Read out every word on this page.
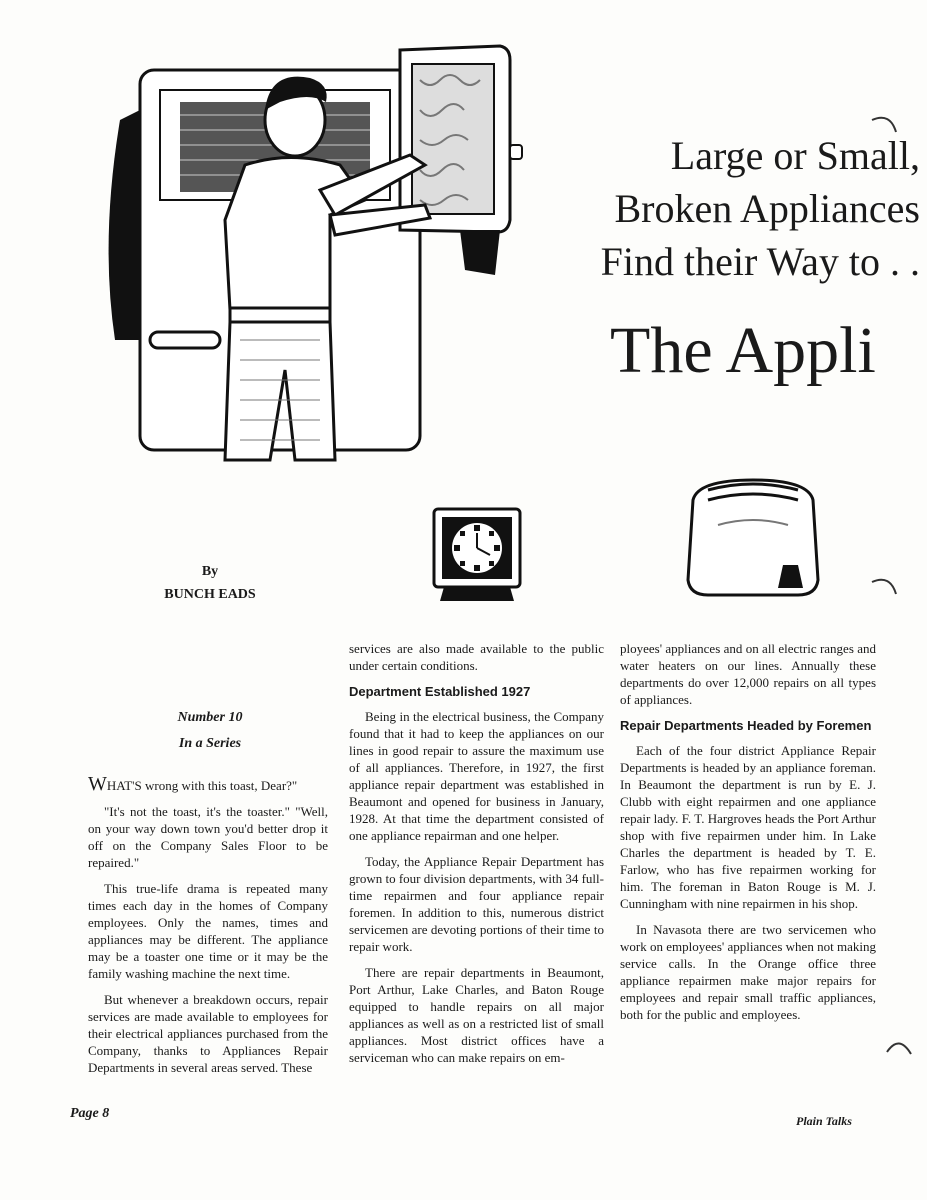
Large or Small,
Broken Appliances
Find their Way to . .
The Appli
By
BUNCH EADS
Number 10
In a Series

WHAT'S wrong with this toast, Dear?"

"It's not the toast, it's the toaster." "Well, on your way down town you'd better drop it off on the Company Sales Floor to be repaired."

This true-life drama is repeated many times each day in the homes of Company employees. Only the names, times and appliances may be different. The appliance may be a toaster one time or it may be the family washing machine the next time.

But whenever a breakdown occurs, repair services are made available to employees for their electrical appliances purchased from the Company, thanks to Appliances Repair Departments in several areas served. These

services are also made available to the public under certain conditions.

Department Established 1927

Being in the electrical business, the Company found that it had to keep the appliances on our lines in good repair to assure the maximum use of all appliances. Therefore, in 1927, the first appliance repair department was established in Beaumont and opened for business in January, 1928. At that time the department consisted of one appliance repairman and one helper.

Today, the Appliance Repair Department has grown to four division departments, with 34 full-time repairmen and four appliance repair foremen. In addition to this, numerous district servicemen are devoting portions of their time to repair work.

There are repair departments in Beaumont, Port Arthur, Lake Charles, and Baton Rouge equipped to handle repairs on all major appliances as well as on a restricted list of small appliances. Most district offices have a serviceman who can make repairs on em-

ployees' appliances and on all electric ranges and water heaters on our lines. Annually these departments do over 12,000 repairs on all types of appliances.

Repair Departments Headed by Foremen

Each of the four district Appliance Repair Departments is headed by an appliance foreman. In Beaumont the department is run by E. J. Clubb with eight repairmen and one appliance repair lady. F. T. Hargroves heads the Port Arthur shop with five repairmen under him. In Lake Charles the department is headed by T. E. Farlow, who has five repairmen working for him. The foreman in Baton Rouge is M. J. Cunningham with nine repairmen in his shop.

In Navasota there are two servicemen who work on employees' appliances when not making service calls. In the Orange office three appliance repairmen make major repairs for employees and repair small traffic appliances, both for the public and employees.

Page 8	Plain Talks
